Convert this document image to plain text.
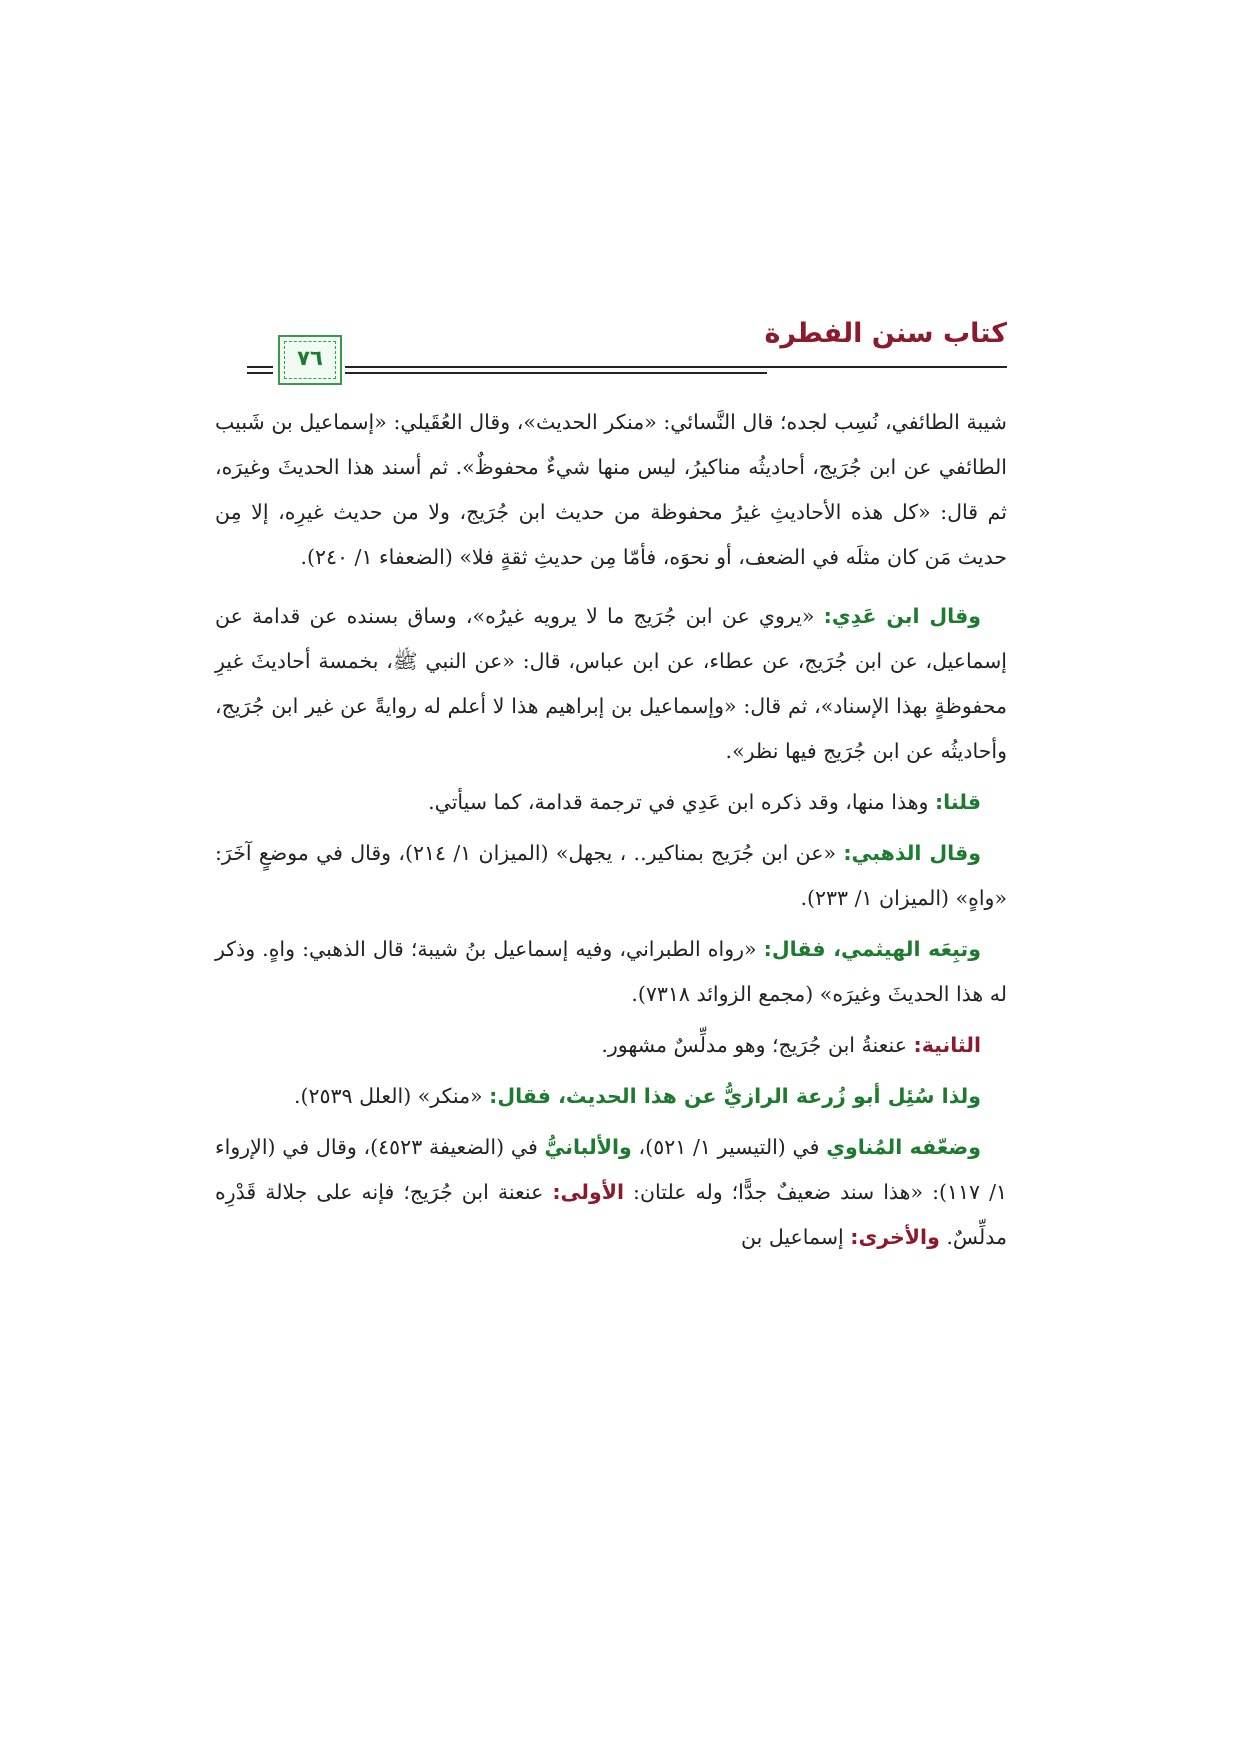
كتاب سنن الفطرة
٧٦

شيبة الطائفي، نُسِب لجده؛ قال النَّسائي: «منكر الحديث»، وقال العُقَيلي: «إسماعيل بن شَبيب الطائفي عن ابن جُرَيج، أحاديثُه مناكيرُ، ليس منها شيءٌ محفوظٌ». ثم أسند هذا الحديثَ وغيرَه، ثم قال: «كل هذه الأحاديثِ غيرُ محفوظة من حديث ابن جُرَيج، ولا من حديث غيرِه، إلا مِن حديث مَن كان مثلَه في الضعف، أو نحوَه، فأمّا مِن حديثِ ثقةٍ فلا» (الضعفاء ١/ ٢٤٠).

وقال ابن عَدِي: «يروي عن ابن جُرَيج ما لا يرويه غيرُه»، وساق بسنده عن قدامة عن إسماعيل، عن ابن جُرَيج، عن عطاء، عن ابن عباس، قال: «عن النبي ﷺ، بخمسة أحاديثَ غيرِ محفوظةٍ بهذا الإسناد»، ثم قال: «وإسماعيل بن إبراهيم هذا لا أعلم له روايةً عن غير ابن جُرَيج، وأحاديثُه عن ابن جُرَيج فيها نظر».

قلنا: وهذا منها، وقد ذكره ابن عَدِي في ترجمة قدامة، كما سيأتي.

وقال الذهبي: «عن ابن جُرَيج بمناكير.. ، يجهل» (الميزان ١/ ٢١٤)، وقال في موضعٍ آخَرَ: «واهٍ» (الميزان ١/ ٢٣٣).

وتبِعَه الهيثمي، فقال: «رواه الطبراني، وفيه إسماعيل بنُ شيبة؛ قال الذهبي: واهٍ. وذكر له هذا الحديثَ وغيرَه» (مجمع الزوائد ٧٣١٨).

الثانية: عنعنةُ ابن جُرَيج؛ وهو مدلِّسٌ مشهور.

ولذا سُئِل أبو زُرعة الرازيُّ عن هذا الحديث، فقال: «منكر» (العلل ٢٥٣٩).

وضعّفه المُناوي في (التيسير ١/ ٥٢١)، والألبانيُّ في (الضعيفة ٤٥٢٣)، وقال في (الإرواء ١/ ١١٧): «هذا سند ضعيفٌ جدًّا؛ وله علتان: الأولى: عنعنة ابن جُرَيج؛ فإنه على جلالة قَدْرِه مدلِّسٌ. والأخرى: إسماعيل بن
